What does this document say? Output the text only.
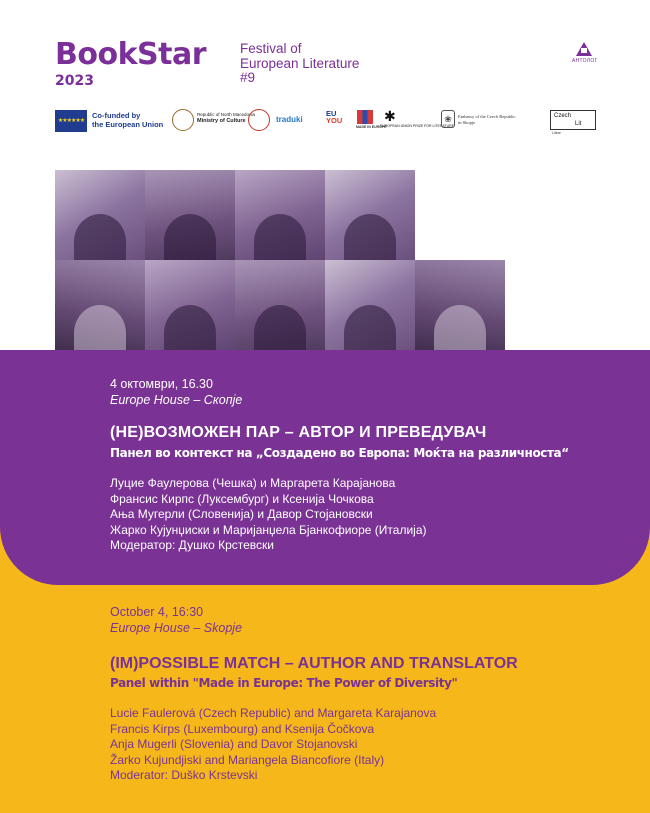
BookStar
2023
Festival of
European Literature
#9
АНТОЛОГ
★★★★★★
Co-funded by
the European Union
Republic of North Macedonia
Ministry of Culture	traduki
EU
YOU
MADE IN EUROPE
✱
EUROPEAN UNION PRIZE FOR LITERATURE
❀	Embassy of the Czech Republic
in Skopje
Czech
Lit
Litear
4 октомври, 16.30
Europe House – Скопје
(НЕ)ВОЗМОЖЕН ПАР – АВТОР И ПРЕВЕДУВАЧ
Панел во контекст на „Создадено во Европа: Моќта на различноста“
Луцие Фаулерова (Чешка) и Маргарета Карајанова
Франсис Кирпс (Луксембург) и Ксенија Чочкова
Ања Мугерли (Словенија) и Давор Стојановски
Жарко Кујунџиски и Маријанџела Бјанкофиоре (Италија)
Модератор: Душко Крстевски
October 4, 16:30
Europe House – Skopje
(IM)POSSIBLE MATCH – AUTHOR AND TRANSLATOR
Panel within "Made in Europe: The Power of Diversity"
Lucie Faulerová (Czech Republic) and Margareta Karajanova
Francis Kirps (Luxembourg) and Ksenija Čočkova
Anja Mugerli (Slovenia) and Davor Stojanovski
Žarko Kujundjiski and Mariangela Biancofiore (Italy)
Moderator: Duško Krstevski
